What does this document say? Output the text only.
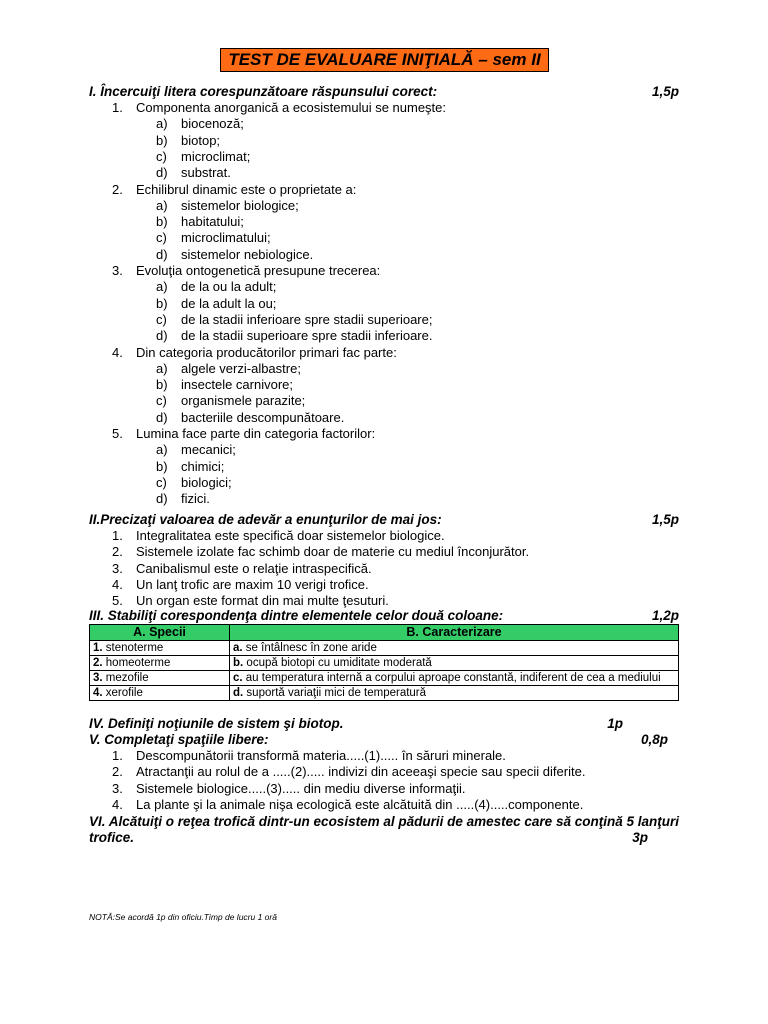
TEST DE EVALUARE INIŢIALĂ – sem II
I. Încercuiţi litera corespunzătoare răspunsului corect:	1,5p
1. Componenta anorganică a ecosistemului se numeşte:
a) biocenoză;
b) biotop;
c) microclimat;
d) substrat.
2. Echilibrul dinamic este o proprietate a:
a) sistemelor biologice;
b) habitatului;
c) microclimatului;
d) sistemelor nebiologice.
3. Evoluţia ontogenetică presupune trecerea:
a) de la ou la adult;
b) de la adult la ou;
c) de la stadii inferioare spre stadii superioare;
d) de la stadii superioare spre stadii inferioare.
4. Din categoria producătorilor primari fac parte:
a) algele verzi-albastre;
b) insectele carnivore;
c) organismele parazite;
d) bacteriile descompunătoare.
5. Lumina face parte din categoria factorilor:
a) mecanici;
b) chimici;
c) biologici;
d) fizici.
II.Precizaţi valoarea de adevăr a enunţurilor de mai jos:	1,5p
1. Integralitatea este specifică doar sistemelor biologice.
2. Sistemele izolate fac schimb doar de materie cu mediul înconjurător.
3. Canibalismul este o relaţie intraspecifică.
4. Un lanţ trofic are maxim 10 verigi trofice.
5. Un organ este format din mai multe ţesuturi.
III. Stabiliţi corespondenţa dintre elementele celor două coloane:	1,2p
A. Specii	B. Caracterizare
1. stenoterme	a. se întâlnesc în zone aride
2. homeoterme	b. ocupă biotopi cu umiditate moderată
3. mezofile	c. au temperatura internă a corpului aproape constantă, indiferent de cea a mediului
4. xerofile	d. suportă variaţii mici de temperatură
IV. Definiţi noţiunile de sistem şi biotop.	1p
V. Completaţi spaţiile libere:	0,8p
1. Descompunătorii transformă materia.....(1)..... în săruri minerale.
2. Atractanţii au rolul de a .....(2)..... indivizi din aceeaşi specie sau specii diferite.
3. Sistemele biologice.....(3)..... din mediu diverse informaţii.
4. La plante şi la animale nişa ecologică este alcătuită din .....(4).....componente.
VI. Alcătuiţi o reţea trofică dintr-un ecosistem al pădurii de amestec care să conţină 5 lanţuri trofice.	3p
NOTĂ:Se acordă 1p din oficiu.Timp de lucru 1 oră
